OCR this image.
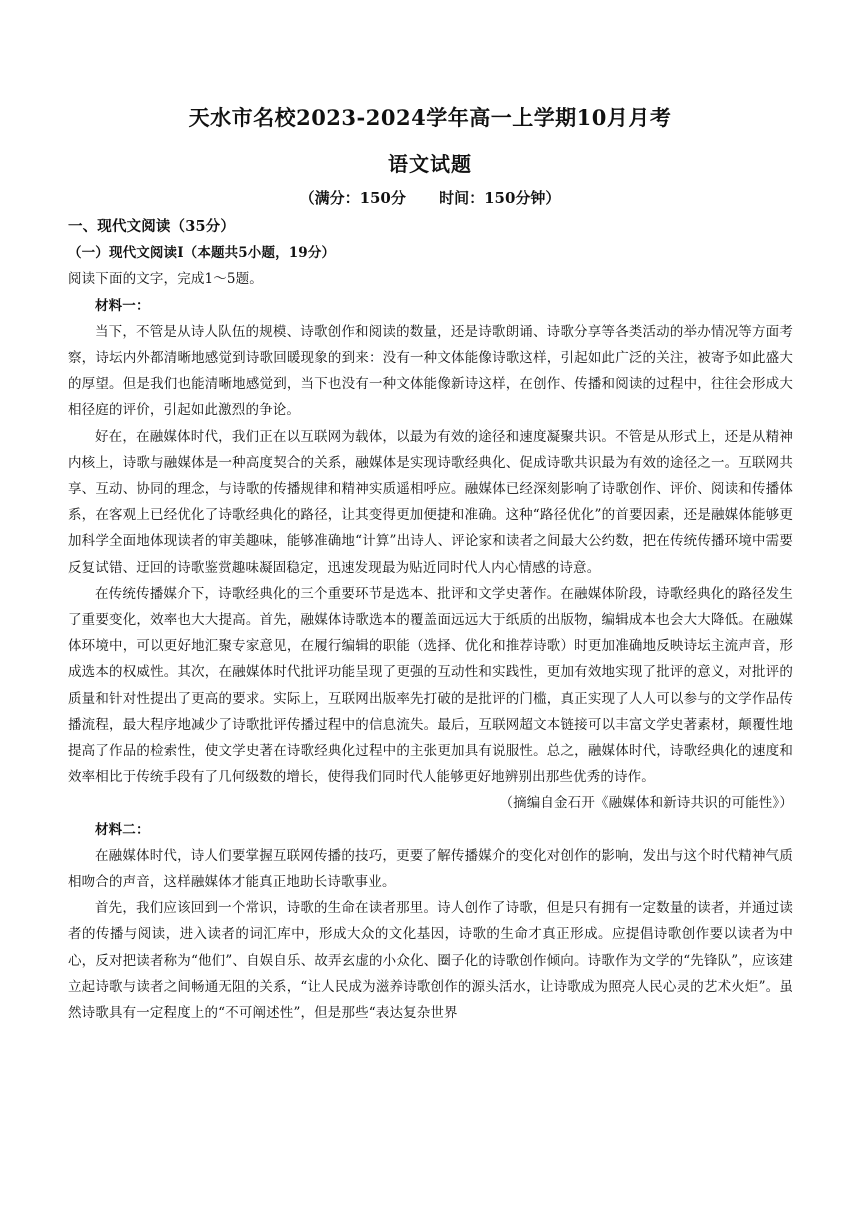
天水市名校2023-2024学年高一上学期10月月考
语文试题
（满分：150分 时间：150分钟）

一、现代文阅读（35分）

（一）现代文阅读Ⅰ（本题共5小题，19分）

阅读下面的文字，完成1～5题。

材料一：

当下，不管是从诗人队伍的规模、诗歌创作和阅读的数量，还是诗歌朗诵、诗歌分享等各类活动的举办情况等方面考察，诗坛内外都清晰地感觉到诗歌回暖现象的到来：没有一种文体能像诗歌这样，引起如此广泛的关注，被寄予如此盛大的厚望。但是我们也能清晰地感觉到，当下也没有一种文体能像新诗这样，在创作、传播和阅读的过程中，往往会形成大相径庭的评价，引起如此激烈的争论。

好在，在融媒体时代，我们正在以互联网为载体，以最为有效的途径和速度凝聚共识。不管是从形式上，还是从精神内核上，诗歌与融媒体是一种高度契合的关系，融媒体是实现诗歌经典化、促成诗歌共识最为有效的途径之一。互联网共享、互动、协同的理念，与诗歌的传播规律和精神实质遥相呼应。融媒体已经深刻影响了诗歌创作、评价、阅读和传播体系，在客观上已经优化了诗歌经典化的路径，让其变得更加便捷和准确。这种“路径优化”的首要因素，还是融媒体能够更加科学全面地体现读者的审美趣味，能够准确地“计算”出诗人、评论家和读者之间最大公约数，把在传统传播环境中需要反复试错、迂回的诗歌鉴赏趣味凝固稳定，迅速发现最为贴近同时代人内心情感的诗意。

在传统传播媒介下，诗歌经典化的三个重要环节是选本、批评和文学史著作。在融媒体阶段，诗歌经典化的路径发生了重要变化，效率也大大提高。首先，融媒体诗歌选本的覆盖面远远大于纸质的出版物，编辑成本也会大大降低。在融媒体环境中，可以更好地汇聚专家意见，在履行编辑的职能（选择、优化和推荐诗歌）时更加准确地反映诗坛主流声音，形成选本的权威性。其次，在融媒体时代批评功能呈现了更强的互动性和实践性，更加有效地实现了批评的意义，对批评的质量和针对性提出了更高的要求。实际上，互联网出版率先打破的是批评的门槛，真正实现了人人可以参与的文学作品传播流程，最大程序地减少了诗歌批评传播过程中的信息流失。最后，互联网超文本链接可以丰富文学史著素材，颠覆性地提高了作品的检索性，使文学史著在诗歌经典化过程中的主张更加具有说服性。总之，融媒体时代，诗歌经典化的速度和效率相比于传统手段有了几何级数的增长，使得我们同时代人能够更好地辨别出那些优秀的诗作。

（摘编自金石开《融媒体和新诗共识的可能性》）

材料二：

在融媒体时代，诗人们要掌握互联网传播的技巧，更要了解传播媒介的变化对创作的影响，发出与这个时代精神气质相吻合的声音，这样融媒体才能真正地助长诗歌事业。

首先，我们应该回到一个常识，诗歌的生命在读者那里。诗人创作了诗歌，但是只有拥有一定数量的读者，并通过读者的传播与阅读，进入读者的词汇库中，形成大众的文化基因，诗歌的生命才真正形成。应提倡诗歌创作要以读者为中心，反对把读者称为“他们”、自娱自乐、故弄玄虚的小众化、圈子化的诗歌创作倾向。诗歌作为文学的“先锋队”，应该建立起诗歌与读者之间畅通无阻的关系，“让人民成为滋养诗歌创作的源头活水，让诗歌成为照亮人民心灵的艺术火炬”。虽然诗歌具有一定程度上的“不可阐述性”，但是那些“表达复杂世界
